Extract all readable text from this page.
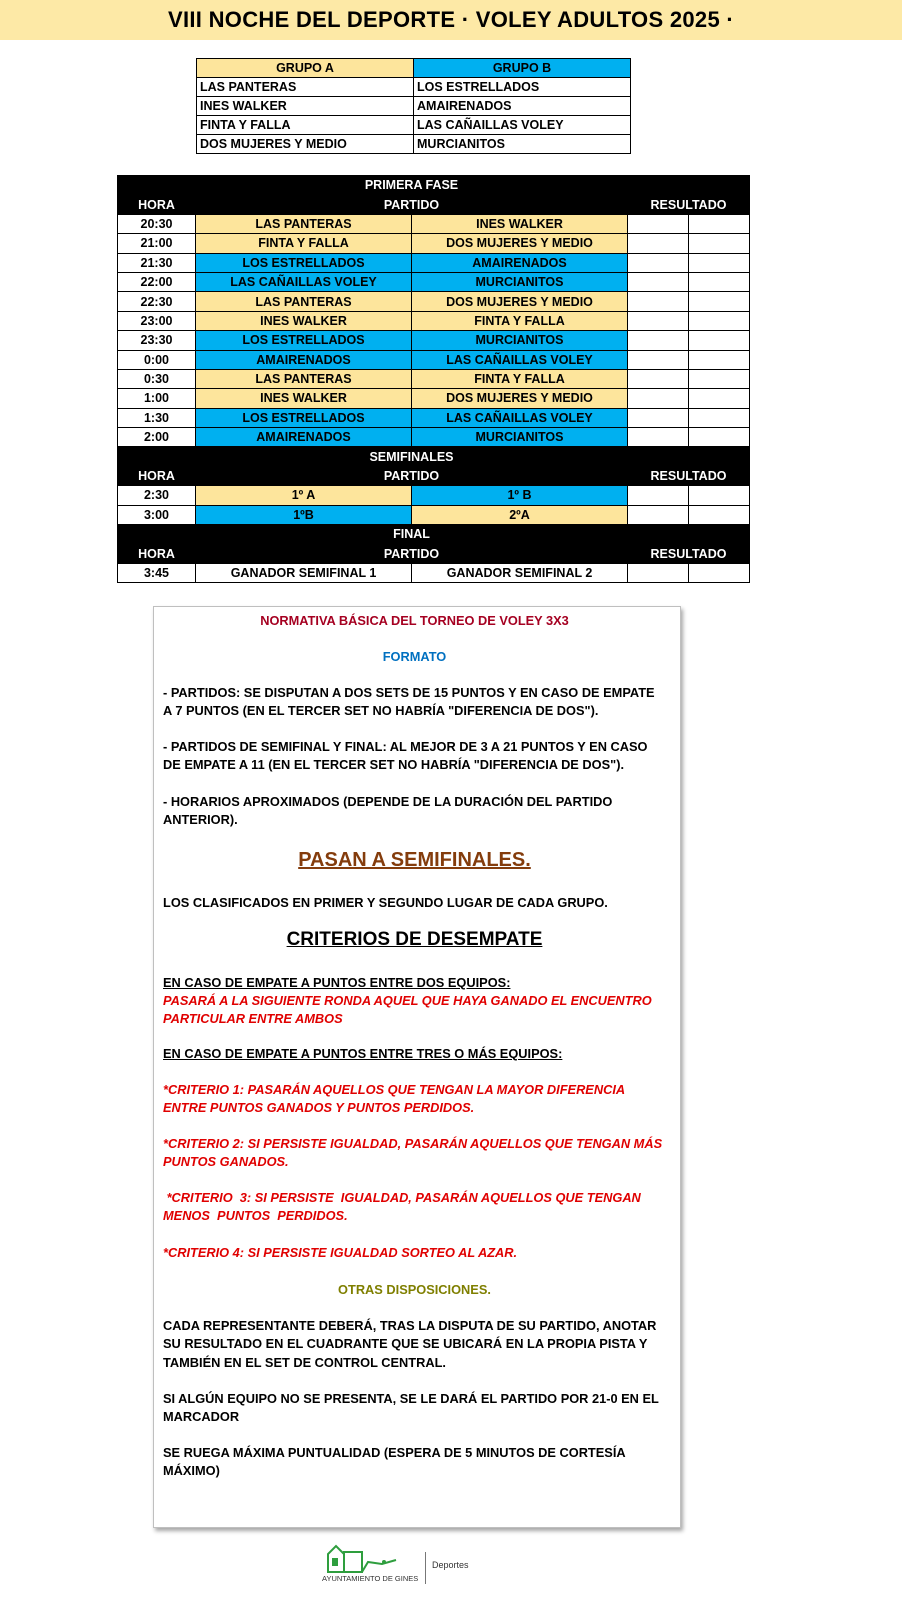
VIII NOCHE DEL DEPORTE · VOLEY ADULTOS 2025 ·
GRUPO A	GRUPO B
LAS PANTERAS	LOS ESTRELLADOS
INES WALKER	AMAIRENADOS
FINTA Y FALLA	LAS CAÑAILLAS VOLEY
DOS MUJERES Y MEDIO	MURCIANITOS
	PRIMERA FASE			
HORA	PARTIDO		RESULTADO	
20:30	LAS PANTERAS	INES WALKER		
21:00	FINTA Y FALLA	DOS MUJERES Y MEDIO		
21:30	LOS ESTRELLADOS	AMAIRENADOS		
22:00	LAS CAÑAILLAS VOLEY	MURCIANITOS		
22:30	LAS PANTERAS	DOS MUJERES Y MEDIO		
23:00	INES WALKER	FINTA Y FALLA		
23:30	LOS ESTRELLADOS	MURCIANITOS		
0:00	AMAIRENADOS	LAS CAÑAILLAS VOLEY		
0:30	LAS PANTERAS	FINTA Y FALLA		
1:00	INES WALKER	DOS MUJERES Y MEDIO		
1:30	LOS ESTRELLADOS	LAS CAÑAILLAS VOLEY		
2:00	AMAIRENADOS	MURCIANITOS		
	SEMIFINALES			
HORA	PARTIDO		RESULTADO	
2:30	1º A	1º B		
3:00	1ºB	2ºA		
	FINAL			
HORA	PARTIDO		RESULTADO	
3:45	GANADOR SEMIFINAL 1	GANADOR SEMIFINAL 2		
NORMATIVA BÁSICA DEL TORNEO DE VOLEY 3X3
FORMATO
- PARTIDOS: SE DISPUTAN A DOS SETS DE 15 PUNTOS Y EN CASO DE EMPATE A 7 PUNTOS (EN EL TERCER SET NO HABRÍA "DIFERENCIA DE DOS").
- PARTIDOS DE SEMIFINAL Y FINAL: AL MEJOR DE 3 A 21 PUNTOS Y EN CASO DE EMPATE A 11 (EN EL TERCER SET NO HABRÍA "DIFERENCIA DE DOS").
- HORARIOS APROXIMADOS (DEPENDE DE LA DURACIÓN DEL PARTIDO ANTERIOR).
PASAN A SEMIFINALES.
LOS CLASIFICADOS EN PRIMER Y SEGUNDO LUGAR DE CADA GRUPO.
CRITERIOS DE DESEMPATE
EN CASO DE EMPATE A PUNTOS ENTRE DOS EQUIPOS:
PASARÁ A LA SIGUIENTE RONDA AQUEL QUE HAYA GANADO EL ENCUENTRO PARTICULAR ENTRE AMBOS
EN CASO DE EMPATE A PUNTOS ENTRE TRES O MÁS EQUIPOS:
*CRITERIO 1: PASARÁN AQUELLOS QUE TENGAN LA MAYOR DIFERENCIA ENTRE PUNTOS GANADOS Y PUNTOS PERDIDOS.
*CRITERIO 2: SI PERSISTE IGUALDAD, PASARÁN AQUELLOS QUE TENGAN MÁS PUNTOS GANADOS.
*CRITERIO  3: SI PERSISTE  IGUALDAD, PASARÁN AQUELLOS QUE TENGAN MENOS  PUNTOS  PERDIDOS.
*CRITERIO 4: SI PERSISTE IGUALDAD SORTEO AL AZAR.
OTRAS DISPOSICIONES.
CADA REPRESENTANTE DEBERÁ, TRAS LA DISPUTA DE SU PARTIDO, ANOTAR SU RESULTADO EN EL CUADRANTE QUE SE UBICARÁ EN LA PROPIA PISTA Y TAMBIÉN EN EL SET DE CONTROL CENTRAL.
SI ALGÚN EQUIPO NO SE PRESENTA, SE LE DARÁ EL PARTIDO POR 21-0 EN EL MARCADOR
SE RUEGA MÁXIMA PUNTUALIDAD (ESPERA DE 5 MINUTOS DE CORTESÍA MÁXIMO)
AYUNTAMIENTO DE GINES
Deportes
